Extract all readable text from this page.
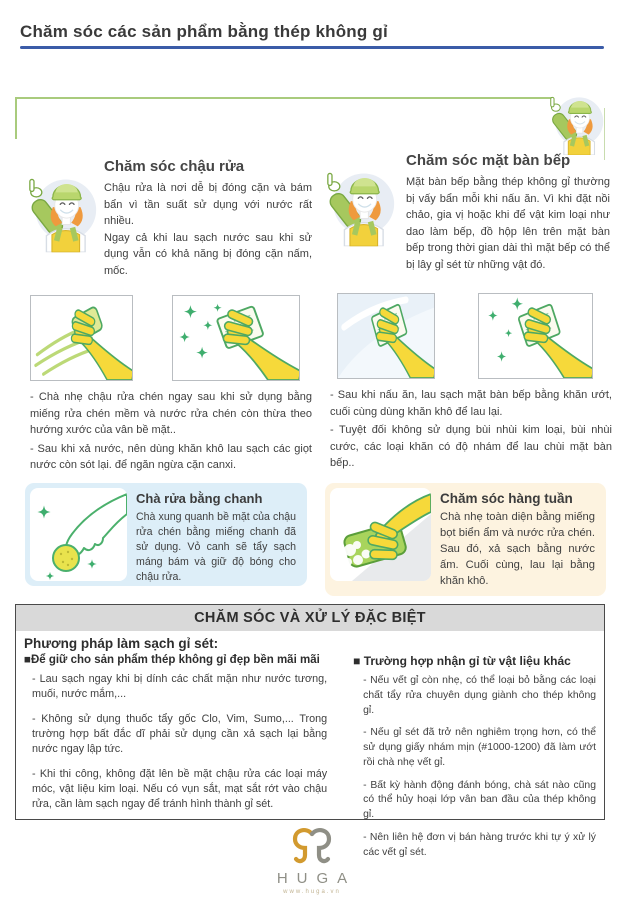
Chăm sóc các sản phẩm bằng thép không gỉ
Chăm sóc chậu rửa
Chậu rửa là nơi dễ bị đóng cặn và bám bẩn vì tần suất sử dụng với nước rất nhiều.
Ngay cả khi lau sạch nước sau khi sử dụng vẫn có khả năng bị đóng cặn nấm, mốc.
Chăm sóc mặt bàn bếp
Mặt bàn bếp bằng thép không gỉ thường bị vấy bẩn mỗi khi nấu ăn. Vì khi đặt nồi chảo, gia vị hoặc khi để vật kim loại như dao làm bếp, đồ hộp lên trên mặt bàn bếp trong thời gian dài thì mặt bếp có thể bị lây gỉ sét từ những vật đó.

- Chà nhẹ chậu rửa chén ngay sau khi sử dụng bằng miếng rửa chén mềm và nước rửa chén còn thừa theo hướng xước của vân bề mặt..

- Sau khi xả nước, nên dùng khăn khô lau sạch các giọt nước còn sót lại. để ngăn ngừa cặn canxi.

- Sau khi nấu ăn, lau sạch mặt bàn bếp bằng khăn ướt, cuối cùng dùng khăn khô để lau lại.

- Tuyệt đối không sử dụng bùi nhùi kim loại, bùi nhùi cước, các loại khăn có độ nhám để lau chùi mặt bàn bếp..

Chà rửa bằng chanh
Chà xung quanh bề mặt của chậu rửa chén bằng miếng chanh đã sử dụng. Vỏ canh sẽ tẩy sạch máng bám và giữ độ bóng cho chậu rửa.
Chăm sóc hàng tuần
Chà nhẹ toàn diện bằng miếng bọt biển ẩm và nước rửa chén. Sau đó, xả sạch bằng nước ấm. Cuối cùng, lau lại bằng khăn khô.
CHĂM SÓC VÀ XỬ LÝ ĐẶC BIỆT
Phương pháp làm sạch gỉ sét:
■Để giữ cho sản phẩm thép không gỉ đẹp bền mãi mãi

- Lau sạch ngay khi bị dính các chất mặn như nước tương, muối, nước mắm,...

- Không sử dụng thuốc tẩy gốc Clo, Vim, Sumo,... Trong trường hợp bất đắc dĩ phải sử dụng cần xả sạch lại bằng nước ngay lập tức.

- Khi thi công, không đặt lên bề mặt chậu rửa các loại máy móc, vật liệu kim loại. Nếu có vụn sắt, mạt sắt rớt vào chậu rửa, cần làm sạch ngay để tránh hình thành gỉ sét.

■ Trường hợp nhận gỉ từ vật liệu khác

- Nếu vết gỉ còn nhẹ, có thể loại bỏ bằng các loại chất tẩy rửa chuyên dụng giành cho thép không gỉ.

- Nếu gỉ sét đã trở nên nghiêm trọng hơn, có thể sử dụng giấy nhám mịn (#1000-1200) đã làm ướt rồi chà nhẹ vết gỉ.

- Bất kỳ hành động đánh bóng, chà sát nào cũng có thể hủy hoại lớp vân ban đầu của thép không gỉ.

- Nên liên hệ đơn vị bán hàng trước khi tự ý xử lý các vết gỉ sét.

HUGA
www.huga.vn
